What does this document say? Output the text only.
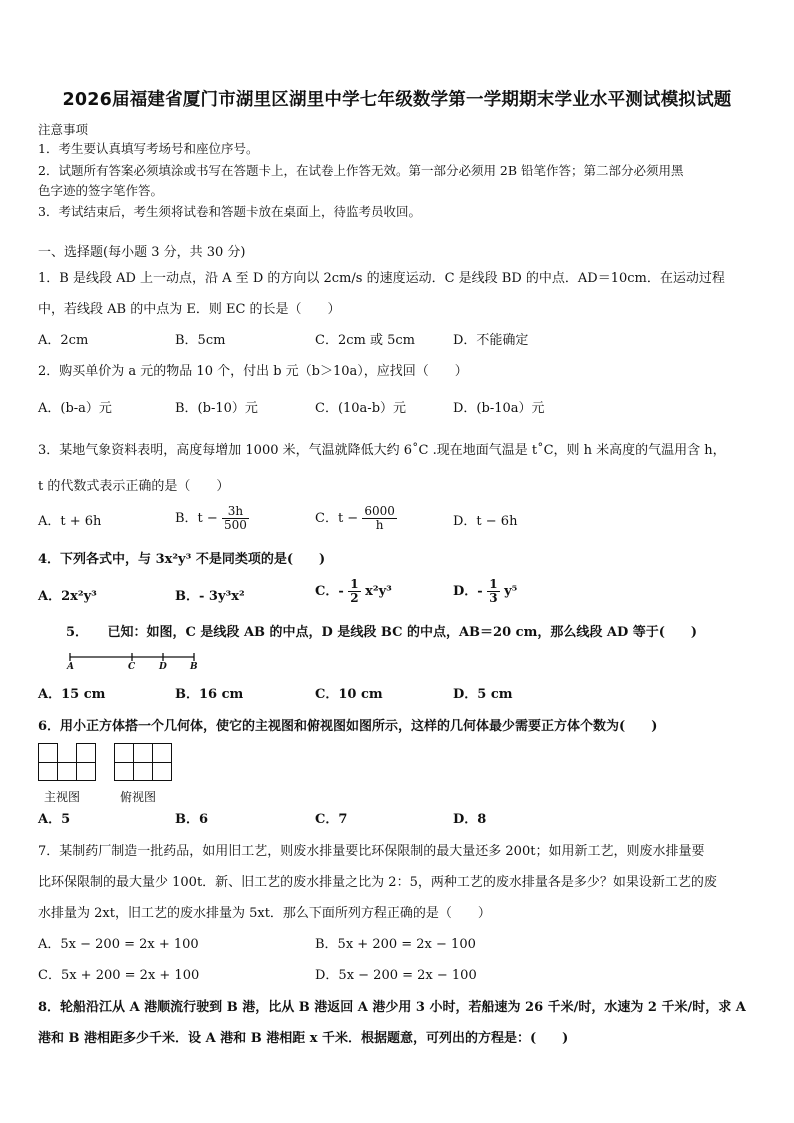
2026届福建省厦门市湖里区湖里中学七年级数学第一学期期末学业水平测试模拟试题
注意事项
1．考生要认真填写考场号和座位序号。
2．试题所有答案必须填涂或书写在答题卡上，在试卷上作答无效。第一部分必须用 2B 铅笔作答；第二部分必须用黑
色字迹的签字笔作答。
3．考试结束后，考生须将试卷和答题卡放在桌面上，待监考员收回。
一、选择题(每小题 3 分，共 30 分)
1．B 是线段 AD 上一动点，沿 A 至 D 的方向以 2cm/s 的速度运动．C 是线段 BD 的中点．AD＝10cm．在运动过程
中，若线段 AB 的中点为 E．则 EC 的长是（　　）
A．2cm	B．5cm	C．2cm 或 5cm	D．不能确定
2．购买单价为 a 元的物品 10 个，付出 b 元（b＞10a），应找回（　　）
A．(b-a）元	B．(b-10）元	C．(10a-b）元	D．(b-10a）元
3．某地气象资料表明，高度每增加 1000 米，气温就降低大约 6˚C .现在地面气温是 t˚C，则 h 米高度的气温用含 h，
t 的代数式表示正确的是（　　）
A．t + 6h	B．$t - \frac{3h}{500}$	C．$t - \frac{6000}{h}$	D．t − 6h
4．下列各式中，与 3x²y³ 不是同类项的是(　　)
A．2x²y³	B．- 3y³x²	C．- $\frac{1}{2} x^2y^3$	D．- $\frac{1}{3} y^5$
5．　　已知：如图，C 是线段 AB 的中点，D 是线段 BC 的中点，AB＝20 cm，那么线段 AD 等于(　　)
A	C	D	B
A．15 cm	B．16 cm	C．10 cm	D．5 cm
6．用小正方体搭一个几何体，使它的主视图和俯视图如图所示，这样的几何体最少需要正方体个数为(　　)
主视图	俯视图
A．5	B．6	C．7	D．8
7．某制药厂制造一批药品，如用旧工艺，则废水排量要比环保限制的最大量还多 200t；如用新工艺，则废水排量要
比环保限制的最大量少 100t．新、旧工艺的废水排量之比为 2：5，两种工艺的废水排量各是多少？如果设新工艺的废
水排量为 2xt，旧工艺的废水排量为 5xt．那么下面所列方程正确的是（　　）
A．5x − 200 = 2x + 100	B．5x + 200 = 2x − 100
C．5x + 200 = 2x + 100	D．5x − 200 = 2x − 100
8．轮船沿江从 A 港顺流行驶到 B 港，比从 B 港返回 A 港少用 3 小时，若船速为 26 千米/时，水速为 2 千米/时，求 A
港和 B 港相距多少千米．设 A 港和 B 港相距 x 千米．根据题意，可列出的方程是：(　　)
